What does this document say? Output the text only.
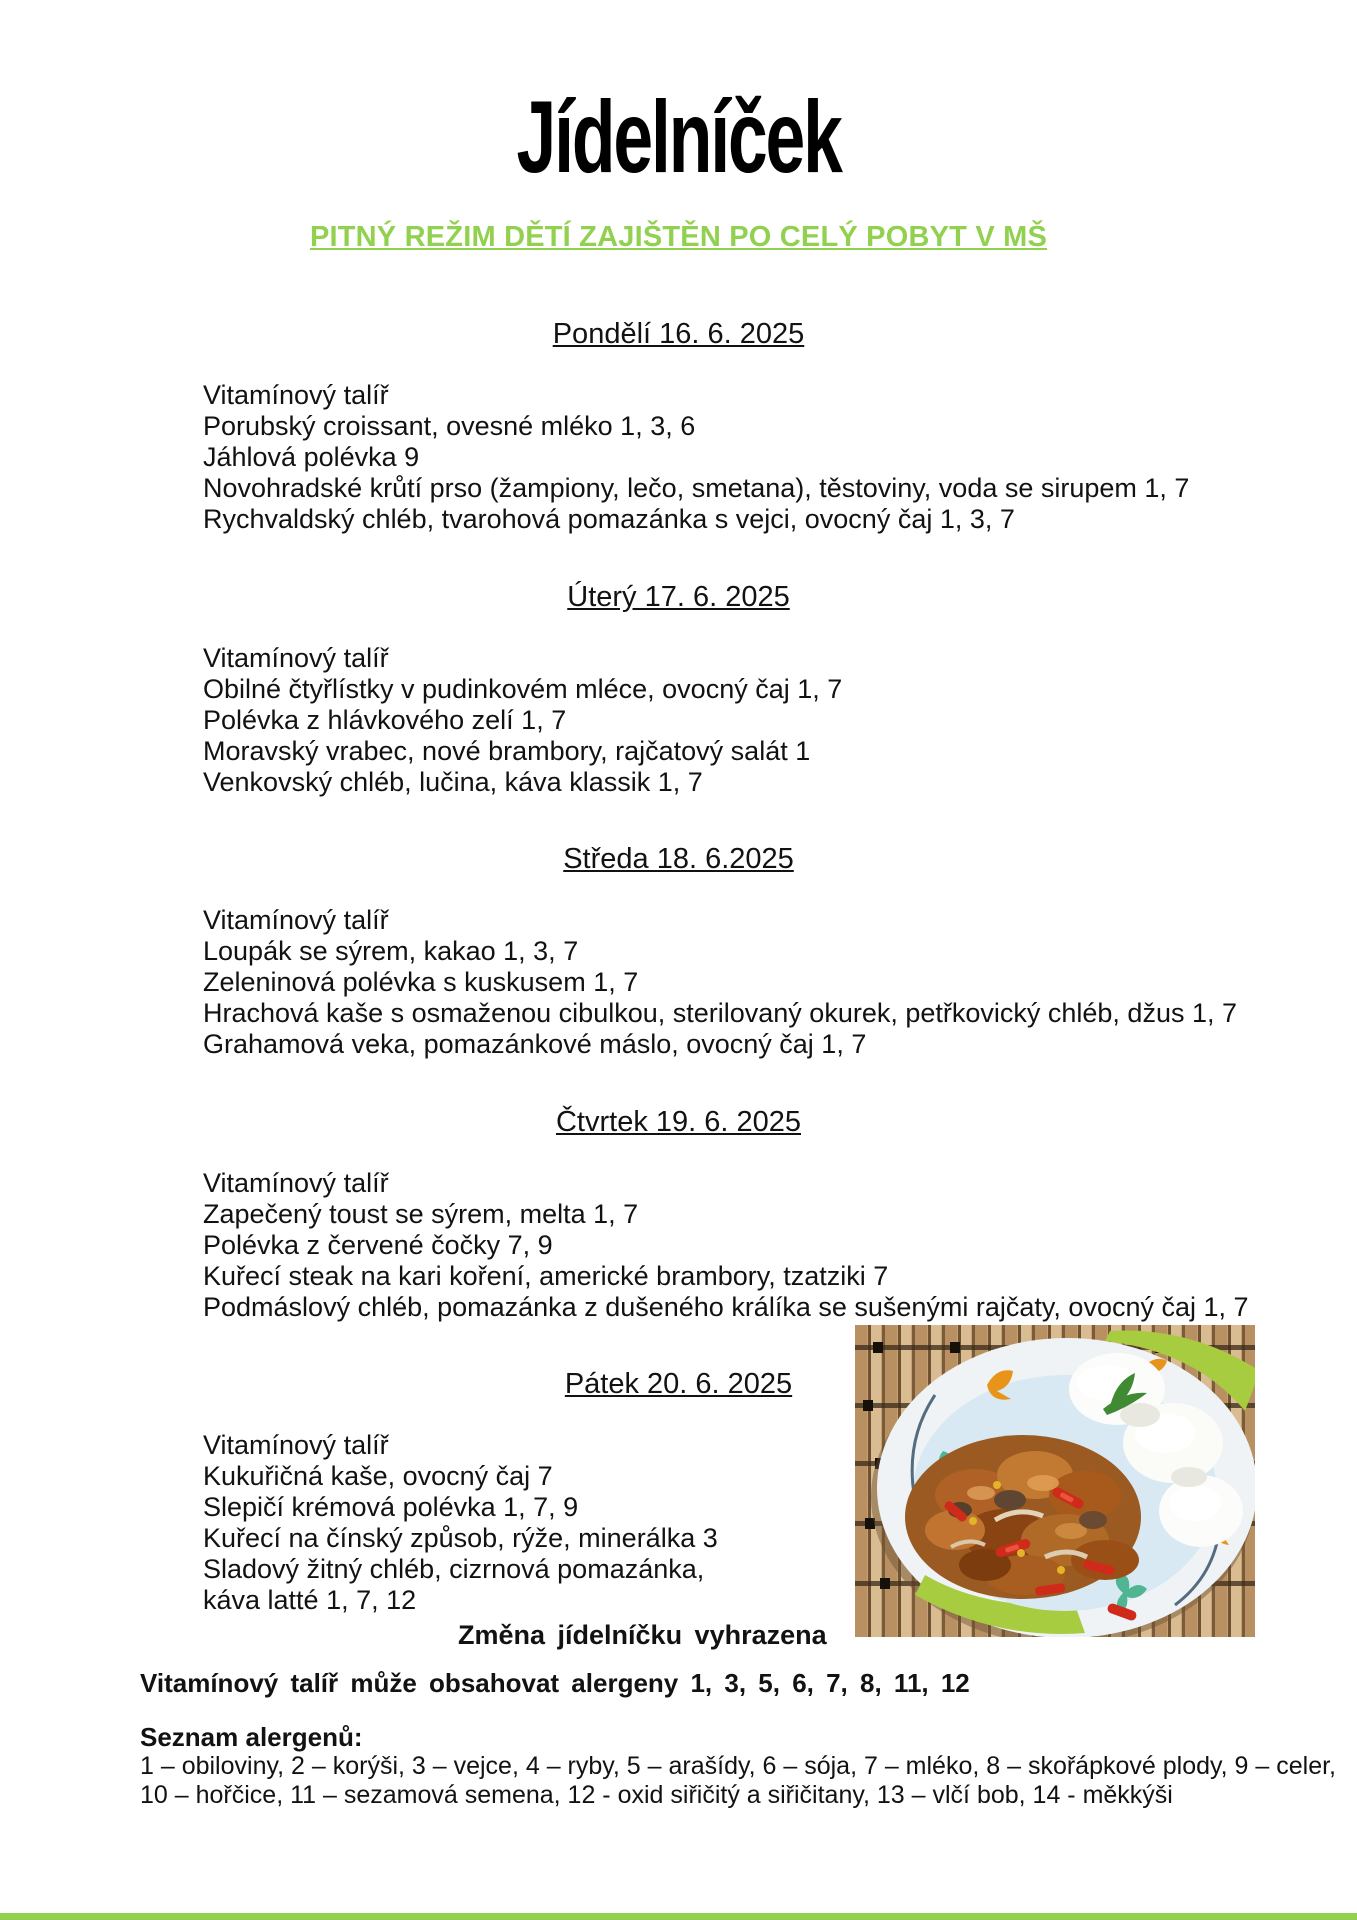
Jídelníček
PITNÝ REŽIM DĚTÍ ZAJIŠTĚN PO CELÝ POBYT V MŠ
Pondělí 16. 6. 2025
Vitamínový talíř
Porubský croissant, ovesné mléko 1, 3, 6
Jáhlová polévka 9
Novohradské krůtí prso (žampiony, lečo, smetana), těstoviny, voda se sirupem 1, 7
Rychvaldský chléb, tvarohová pomazánka s vejci, ovocný čaj 1, 3, 7
Úterý 17. 6. 2025
Vitamínový talíř
Obilné čtyřlístky v pudinkovém mléce, ovocný čaj 1, 7
Polévka z hlávkového zelí 1, 7
Moravský vrabec, nové brambory, rajčatový salát 1
Venkovský chléb, lučina, káva klassik 1, 7
Středa 18. 6.2025
Vitamínový talíř
Loupák se sýrem, kakao 1, 3, 7
Zeleninová polévka s kuskusem 1, 7
Hrachová kaše s osmaženou cibulkou, sterilovaný okurek, petřkovický chléb, džus 1, 7
Grahamová veka, pomazánkové máslo, ovocný čaj 1, 7
Čtvrtek 19. 6. 2025
Vitamínový talíř
Zapečený toust se sýrem, melta 1, 7
Polévka z červené čočky 7, 9
Kuřecí steak na kari koření, americké brambory, tzatziki 7
Podmáslový chléb, pomazánka z dušeného králíka se sušenými rajčaty, ovocný čaj 1, 7
Pátek 20. 6. 2025
Vitamínový talíř
Kukuřičná kaše, ovocný čaj 7
Slepičí krémová polévka 1, 7, 9
Kuřecí na čínský způsob, rýže, minerálka 3
Sladový žitný chléb, cizrnová pomazánka,
káva latté 1, 7, 12
Změna jídelníčku vyhrazena
Vitamínový talíř může obsahovat alergeny 1, 3, 5, 6, 7, 8, 11, 12
Seznam alergenů:
1 – obiloviny, 2 – korýši, 3 – vejce, 4 – ryby, 5 – arašídy, 6 – sója, 7 – mléko, 8 – skořápkové plody, 9 – celer,
10 – hořčice, 11 – sezamová semena, 12 - oxid siřičitý a siřičitany, 13 – vlčí bob, 14 - měkkýši
